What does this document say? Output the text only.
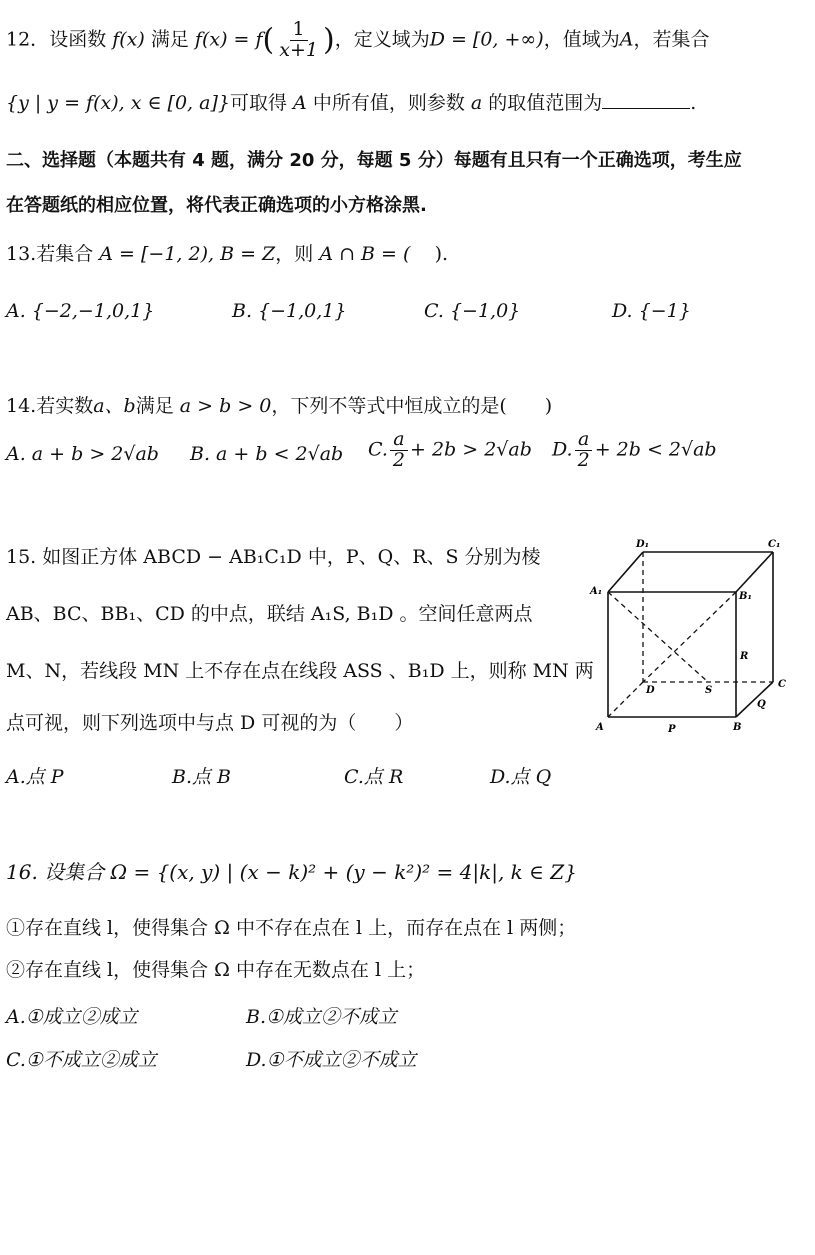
12．设函数 f(x) 满足 $f(x) = f( \frac{1}{x+1}$ )，定义域为D = [0, +∞)，值域为A，若集合
{y | y = f(x), x ∈ [0, a]}可取得 A 中所有值，则参数 a 的取值范围为	.
二、选择题（本题共有 4 题，满分 20 分，每题 5 分）每题有且只有一个正确选项，考生应
在答题纸的相应位置，将代表正确选项的小方格涂黑.
13.若集合 A = [−1, 2), B = Z，则 A ∩ B = ( ).
A. {−2,−1,0,1}	B. {−1,0,1}	C. {−1,0}	D. {−1}
14.若实数a、b满足 a > b > 0，下列不等式中恒成立的是(　　)
A. a + b > 2√ab B. a + b < 2√ab C. $\frac{a}{2} + 2b > 2√ab$ D. $\frac{a}{2} + 2b < 2√ab$
15. 如图正方体 ABCD − AB₁C₁D 中，P、Q、R、S 分别为棱
AB、BC、BB₁、CD 的中点，联结 A₁S, B₁D 。空间任意两点
M、N，若线段 MN 上不存在点在线段 ASS 、B₁D 上，则称 MN 两
点可视，则下列选项中与点 D 可视的为（　　）
A.点 P	B.点 B	C.点 R	D.点 Q
D₁	C₁
A₁	B₁
R
D	S
C
Q
A	P	B
16. 设集合 Ω = {(x, y) | (x − k)² + (y − k²)² = 4|k|, k ∈ Z}
①存在直线 l，使得集合 Ω 中不存在点在 l 上，而存在点在 l 两侧；
②存在直线 l，使得集合 Ω 中存在无数点在 l 上；
A.①成立②成立	B.①成立②不成立
C.①不成立②成立	D.①不成立②不成立
